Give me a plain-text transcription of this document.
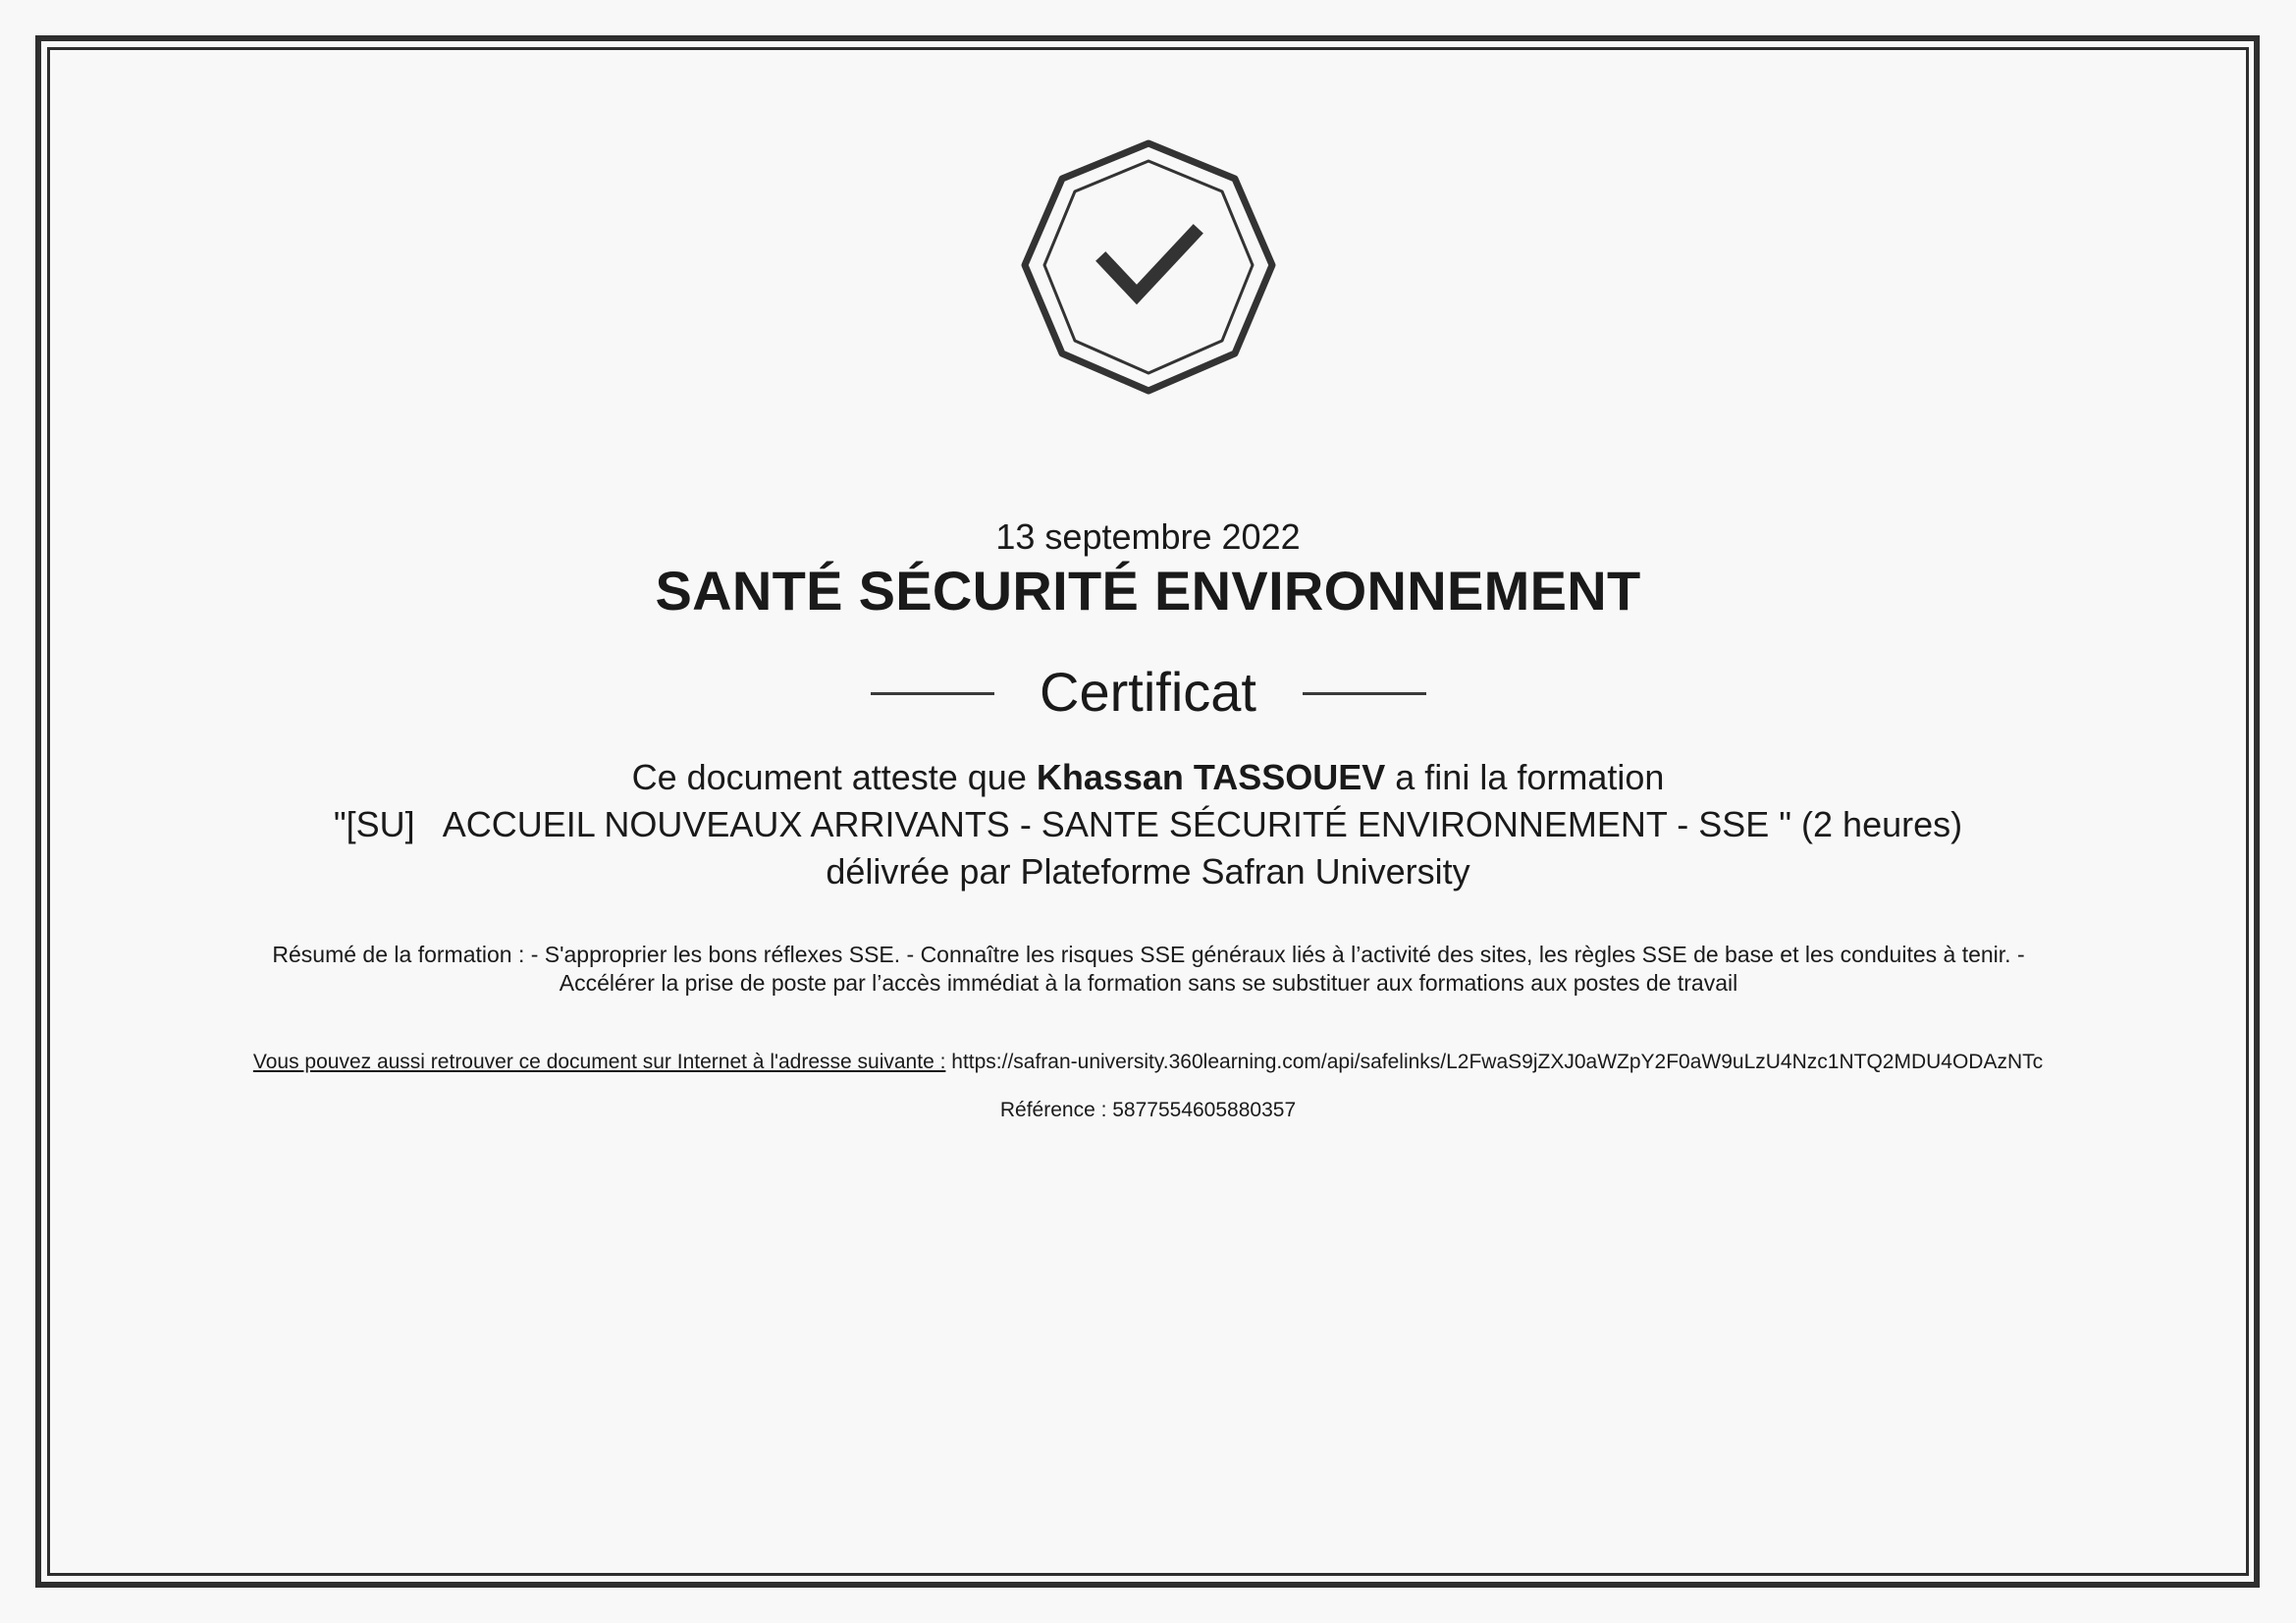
13 septembre 2022
SANTÉ SÉCURITÉ ENVIRONNEMENT
Certificat
Ce document atteste que Khassan TASSOUEV a fini la formation
"[SU]   ACCUEIL NOUVEAUX ARRIVANTS - SANTE SÉCURITÉ ENVIRONNEMENT - SSE " (2 heures)
délivrée par Plateforme Safran University
Résumé de la formation : - S'approprier les bons réflexes SSE. - Connaître les risques SSE généraux liés à l’activité des sites, les règles SSE de base et les conduites à tenir. - Accélérer la prise de poste par l’accès immédiat à la formation sans se substituer aux formations aux postes de travail
Vous pouvez aussi retrouver ce document sur Internet à l'adresse suivante : https://safran-university.360learning.com/api/safelinks/L2FwaS9jZXJ0aWZpY2F0aW9uLzU4Nzc1NTQ2MDU4ODAzNTc
Référence : 5877554605880357
